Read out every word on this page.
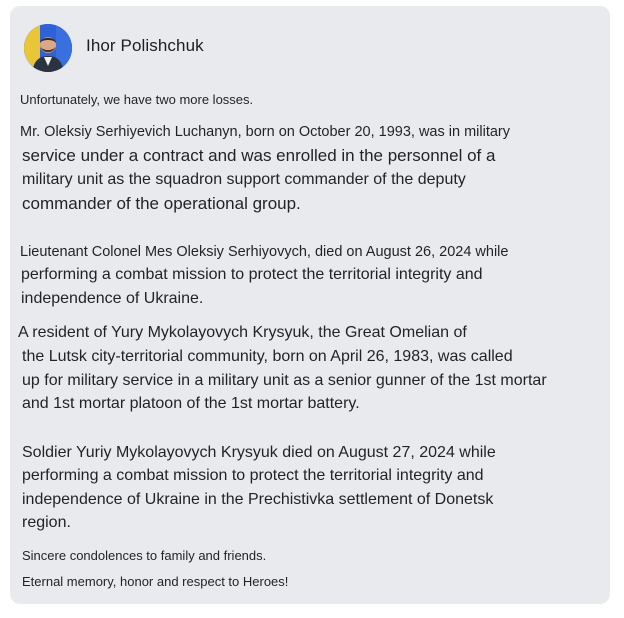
Ihor Polishchuk
Unfortunately, we have two more losses.
Mr. Oleksiy Serhiyevich Luchanyn, born on October 20, 1993, was in military
service under a contract and was enrolled in the personnel of a
military unit as the squadron support commander of the deputy
commander of the operational group.
Lieutenant Colonel Mes Oleksiy Serhiyovych, died on August 26, 2024 while
performing a combat mission to protect the territorial integrity and
independence of Ukraine.
A resident of Yury Mykolayovych Krysyuk, the Great Omelian of
the Lutsk city-territorial community, born on April 26, 1983, was called
up for military service in a military unit as a senior gunner of the 1st mortar
and 1st mortar platoon of the 1st mortar battery.
Soldier Yuriy Mykolayovych Krysyuk died on August 27, 2024 while
performing a combat mission to protect the territorial integrity and
independence of Ukraine in the Prechistivka settlement of Donetsk
region.
Sincere condolences to family and friends.
Eternal memory, honor and respect to Heroes!
